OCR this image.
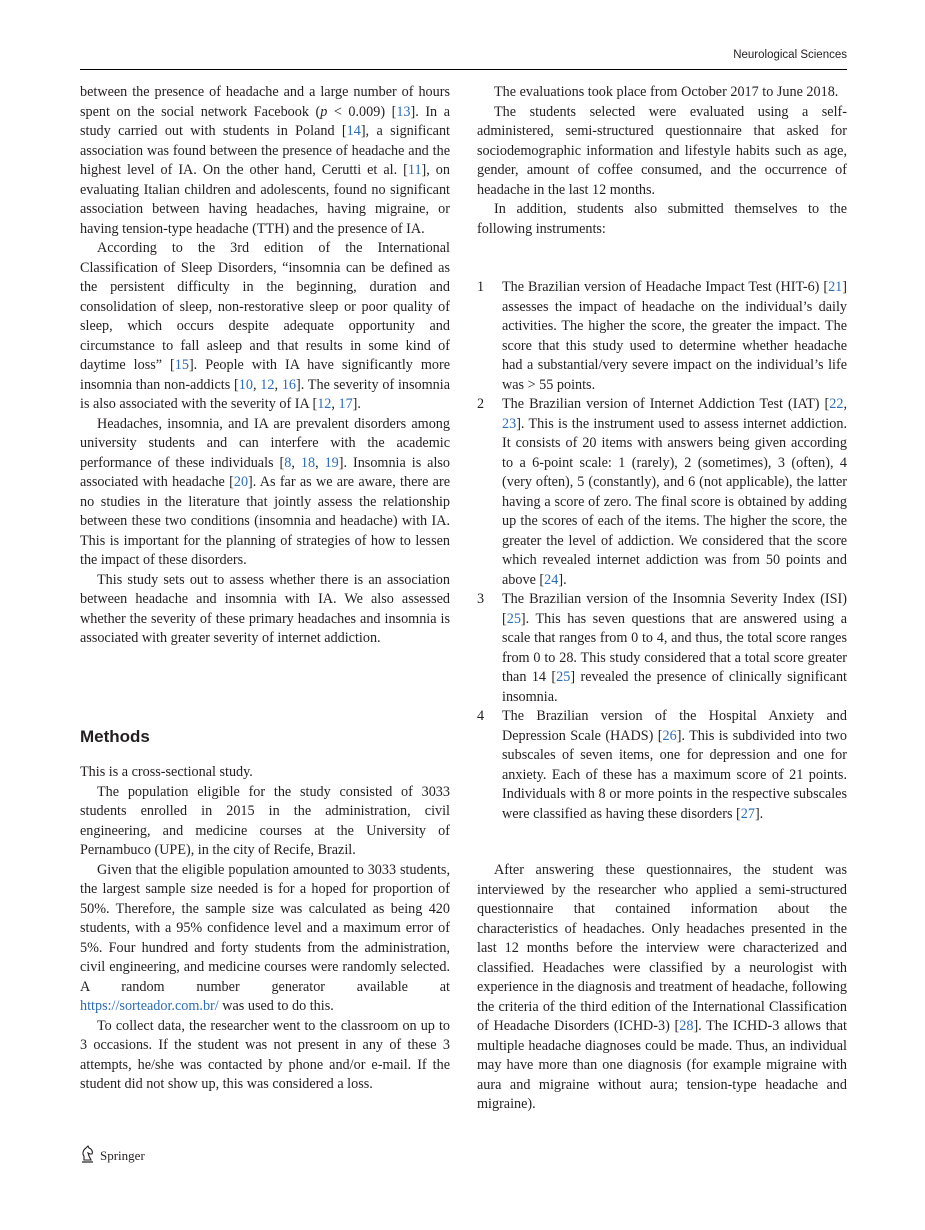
Neurological Sciences

between the presence of headache and a large number of hours spent on the social network Facebook (p < 0.009) [13]. In a study carried out with students in Poland [14], a significant association was found between the presence of headache and the highest level of IA. On the other hand, Cerutti et al. [11], on evaluating Italian children and adolescents, found no significant association between having headaches, having migraine, or having tension-type headache (TTH) and the presence of IA.

According to the 3rd edition of the International Classification of Sleep Disorders, “insomnia can be defined as the persistent difficulty in the beginning, duration and consolidation of sleep, non-restorative sleep or poor quality of sleep, which occurs despite adequate opportunity and circumstance to fall asleep and that results in some kind of daytime loss” [15]. People with IA have significantly more insomnia than non-addicts [10, 12, 16]. The severity of insomnia is also associated with the severity of IA [12, 17].

Headaches, insomnia, and IA are prevalent disorders among university students and can interfere with the academic performance of these individuals [8, 18, 19]. Insomnia is also associated with headache [20]. As far as we are aware, there are no studies in the literature that jointly assess the relationship between these two conditions (insomnia and headache) with IA. This is important for the planning of strategies of how to lessen the impact of these disorders.

This study sets out to assess whether there is an association between headache and insomnia with IA. We also assessed whether the severity of these primary headaches and insomnia is associated with greater severity of internet addiction.

Methods

This is a cross-sectional study.

The population eligible for the study consisted of 3033 students enrolled in 2015 in the administration, civil engineering, and medicine courses at the University of Pernambuco (UPE), in the city of Recife, Brazil.

Given that the eligible population amounted to 3033 students, the largest sample size needed is for a hoped for proportion of 50%. Therefore, the sample size was calculated as being 420 students, with a 95% confidence level and a maximum error of 5%. Four hundred and forty students from the administration, civil engineering, and medicine courses were randomly selected. A random number generator available at https://sorteador.com.br/ was used to do this.

To collect data, the researcher went to the classroom on up to 3 occasions. If the student was not present in any of these 3 attempts, he/she was contacted by phone and/or e-mail. If the student did not show up, this was considered a loss.

The evaluations took place from October 2017 to June 2018.

The students selected were evaluated using a self-administered, semi-structured questionnaire that asked for sociodemographic information and lifestyle habits such as age, gender, amount of coffee consumed, and the occurrence of headache in the last 12 months.

In addition, students also submitted themselves to the following instruments:

1	The Brazilian version of Headache Impact Test (HIT-6) [21] assesses the impact of headache on the individual’s daily activities. The higher the score, the greater the impact. The score that this study used to determine whether headache had a substantial/very severe impact on the individual’s life was > 55 points.
2	The Brazilian version of Internet Addiction Test (IAT) [22, 23]. This is the instrument used to assess internet addiction. It consists of 20 items with answers being given according to a 6-point scale: 1 (rarely), 2 (sometimes), 3 (often), 4 (very often), 5 (constantly), and 6 (not applicable), the latter having a score of zero. The final score is obtained by adding up the scores of each of the items. The higher the score, the greater the level of addiction. We considered that the score which revealed internet addiction was from 50 points and above [24].
3	The Brazilian version of the Insomnia Severity Index (ISI) [25]. This has seven questions that are answered using a scale that ranges from 0 to 4, and thus, the total score ranges from 0 to 28. This study considered that a total score greater than 14 [25] revealed the presence of clinically significant insomnia.
4	The Brazilian version of the Hospital Anxiety and Depression Scale (HADS) [26]. This is subdivided into two subscales of seven items, one for depression and one for anxiety. Each of these has a maximum score of 21 points. Individuals with 8 or more points in the respective subscales were classified as having these disorders [27].

After answering these questionnaires, the student was interviewed by the researcher who applied a semi-structured questionnaire that contained information about the characteristics of headaches. Only headaches presented in the last 12 months before the interview were characterized and classified. Headaches were classified by a neurologist with experience in the diagnosis and treatment of headache, following the criteria of the third edition of the International Classification of Headache Disorders (ICHD-3) [28]. The ICHD-3 allows that multiple headache diagnoses could be made. Thus, an individual may have more than one diagnosis (for example migraine with aura and migraine without aura; tension-type headache and migraine).

Springer
